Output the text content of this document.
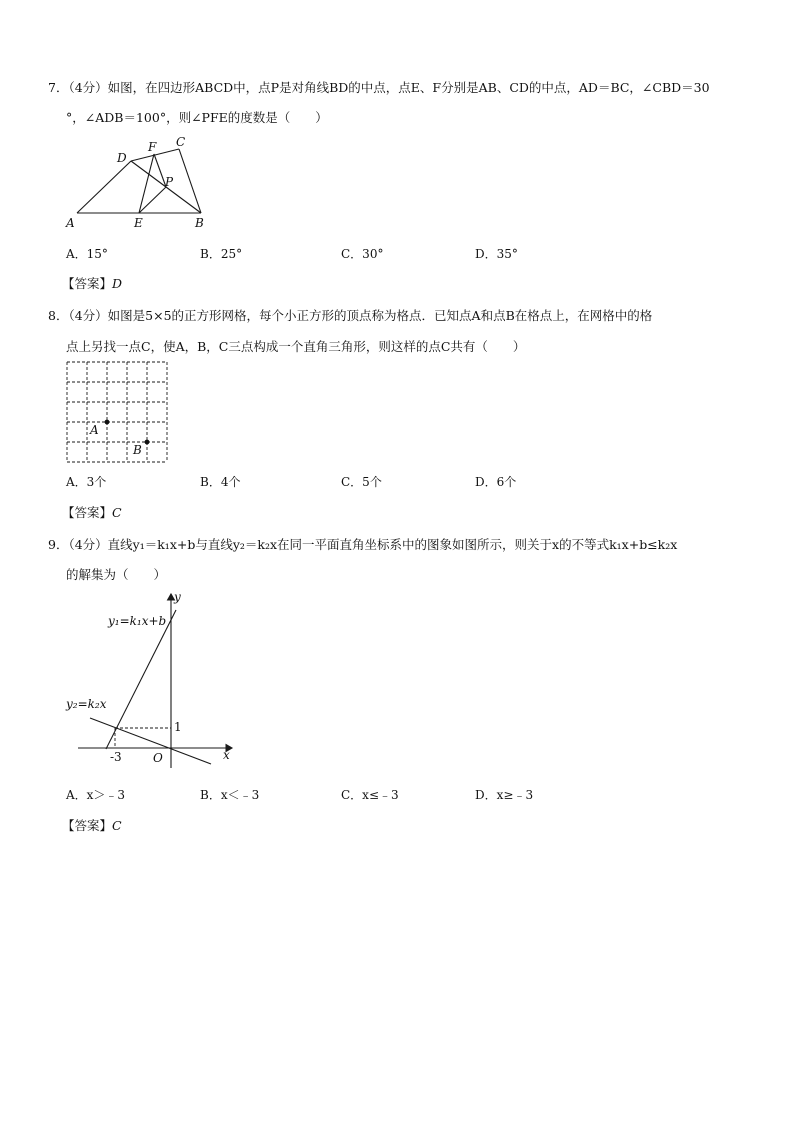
7．（4分）如图，在四边形ABCD中，点P是对角线BD的中点，点E、F分别是AB、CD的中点，AD＝BC，∠CBD＝30
°，∠ADB＝100°，则∠PFE的度数是（　　）
A	B
C
D
E
F
P
A．15°	B．25°	C．30°	D．35°
【答案】D
8．（4分）如图是5×5的正方形网格，每个小正方形的顶点称为格点．已知点A和点B在格点上，在网格中的格
点上另找一点C，使A，B，C三点构成一个直角三角形，则这样的点C共有（　　）
A
B
A．3个	B．4个	C．5个	D．6个
【答案】C
9．（4分）直线y₁＝k₁x+b与直线y₂＝k₂x在同一平面直角坐标系中的图象如图所示，则关于x的不等式k₁x+b≤k₂x
的解集为（　　）
y
x
O
y₁=k₁x+b
y₂=k₂x
1
-3
A．x＞﹣3	B．x＜﹣3	C．x≤﹣3	D．x≥﹣3
【答案】C
